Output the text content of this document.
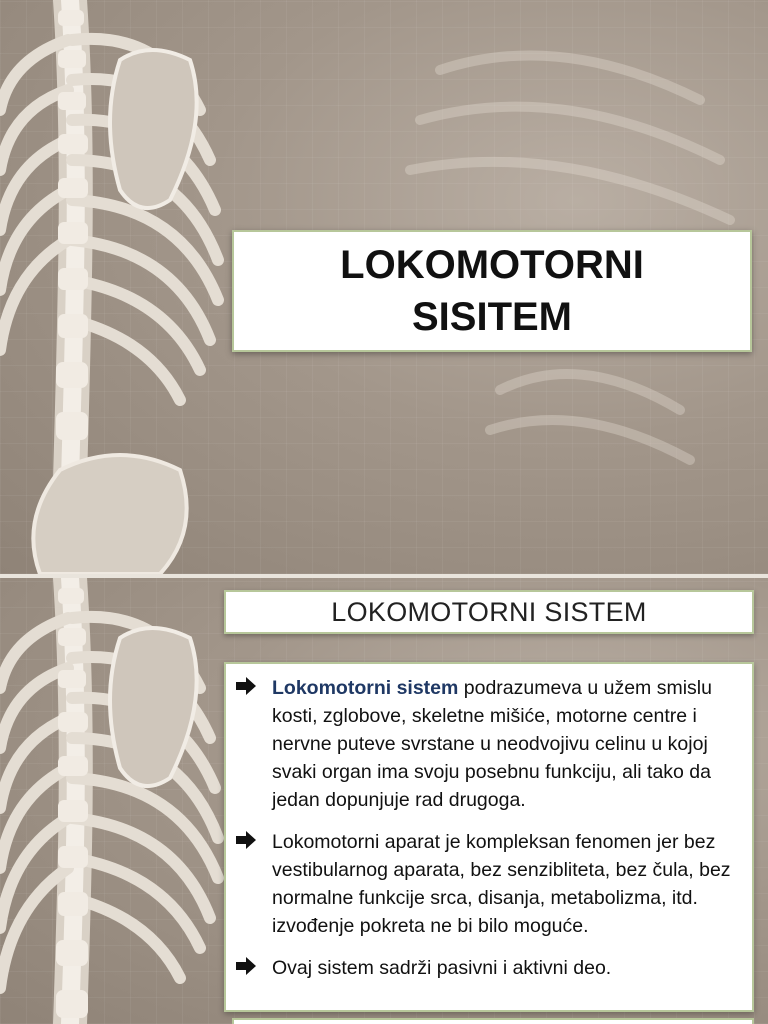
LOKOMOTORNI SISITEM
LOKOMOTORNI SISTEM
Lokomotorni sistem podrazumeva u užem smislu kosti, zglobove, skeletne mišiće, motorne centre i nervne puteve svrstane u neodvojivu celinu u kojoj svaki organ ima svoju posebnu funkciju, ali tako da jedan dopunjuje rad drugoga.
Lokomotorni aparat je kompleksan fenomen jer bez vestibularnog aparata, bez senzibliteta, bez čula, bez normalne funkcije srca, disanja, metabolizma, itd. izvođenje pokreta ne bi bilo moguće.
Ovaj sistem sadrži pasivni i aktivni deo.
